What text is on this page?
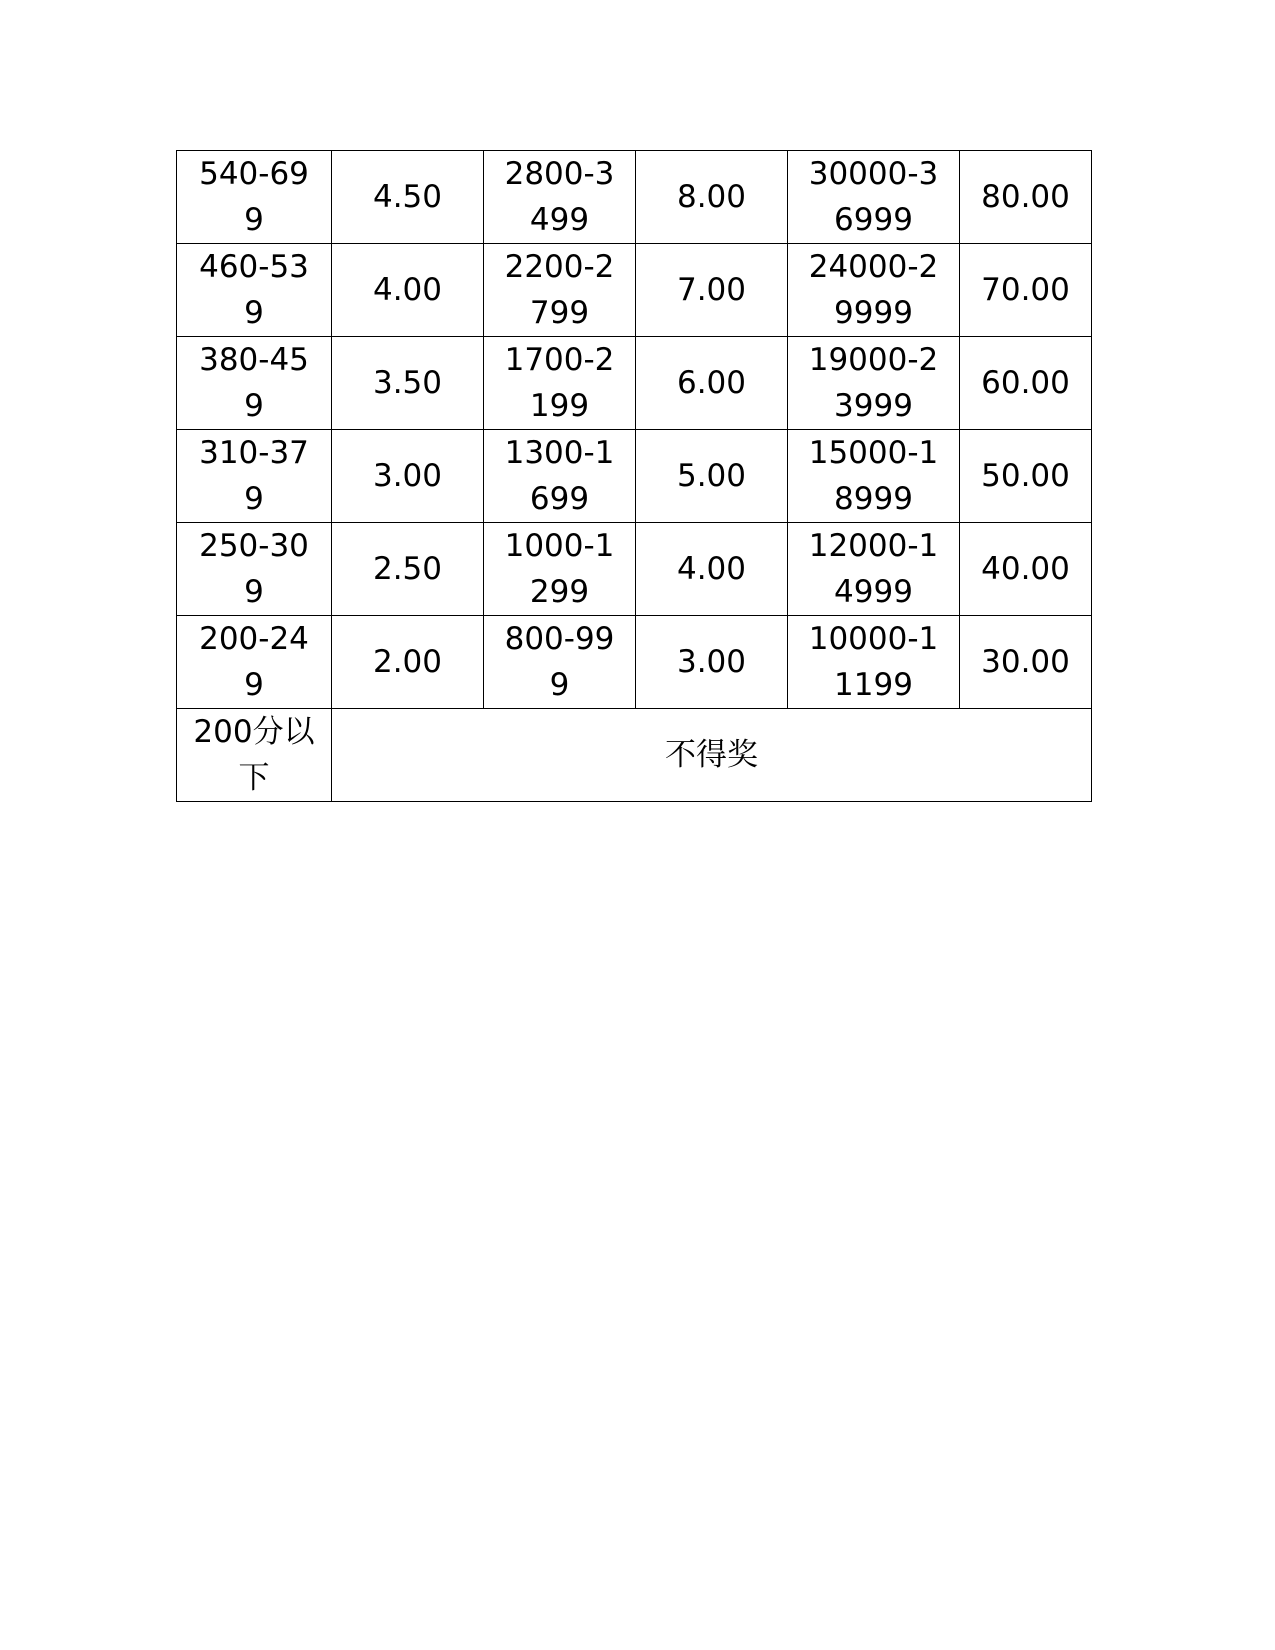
540-699	4.50	2800-3499	8.00	30000-36999	80.00

460-539	4.00	2200-2799	7.00	24000-29999	70.00

380-459	3.50	1700-2199	6.00	19000-23999	60.00

310-379	3.00	1300-1699	5.00	15000-18999	50.00

250-309	2.50	1000-1299	4.00	12000-14999	40.00

200-249	2.00	800-999	3.00	10000-11199	30.00

200分以下	不得奖				
